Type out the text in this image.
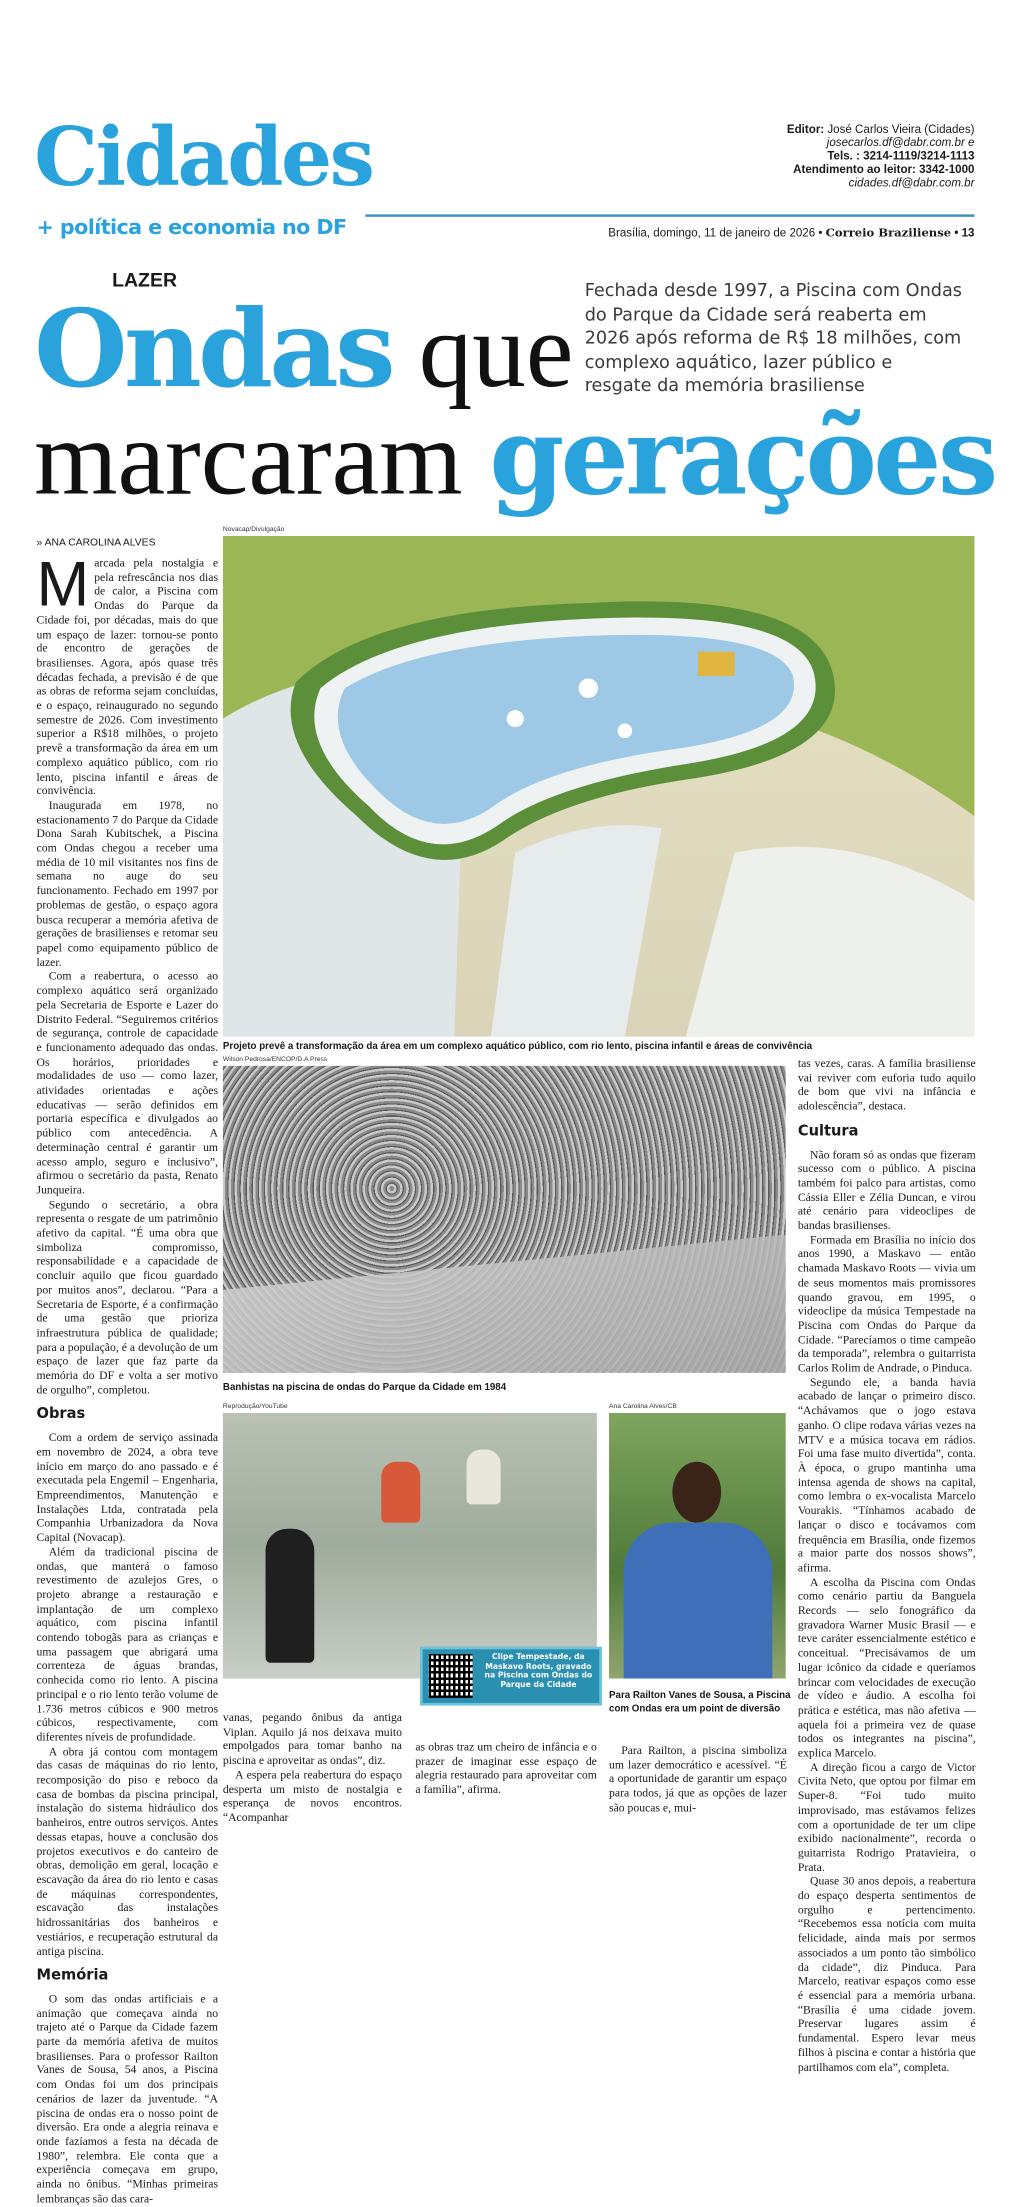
Cidades
+ política e economia no DF
Editor: José Carlos Vieira (Cidades)
josecarlos.df@dabr.com.br e
Tels. : 3214-1119/3214-1113
Atendimento ao leitor: 3342-1000
cidades.df@dabr.com.br
Brasília, domingo, 11 de janeiro de 2026 • Correio Braziliense • 13
LAZER
Ondas que
marcaram gerações
Fechada desde 1997, a Piscina com Ondas do Parque da Cidade será reaberta em 2026 após reforma de R$ 18 milhões, com complexo aquático, lazer público e resgate da memória brasiliense
» ANA CAROLINA ALVES
M arcada pela nostalgia e pela refrescância nos dias de calor, a Piscina com Ondas do Parque da Cidade foi, por décadas, mais do que um espaço de lazer: tornou-se ponto de encontro de gerações de brasilienses. Agora, após quase três décadas fechada, a previsão é de que as obras de reforma sejam concluídas, e o espaço, reinaugurado no segundo semestre de 2026. Com investimento superior a R$18 milhões, o projeto prevê a transformação da área em um complexo aquático público, com rio lento, piscina infantil e áreas de convivência.

Inaugurada em 1978, no estacionamento 7 do Parque da Cidade Dona Sarah Kubitschek, a Piscina com Ondas chegou a receber uma média de 10 mil visitantes nos fins de semana no auge do seu funcionamento. Fechado em 1997 por problemas de gestão, o espaço agora busca recuperar a memória afetiva de gerações de brasilienses e retomar seu papel como equipamento público de lazer.

Com a reabertura, o acesso ao complexo aquático será organizado pela Secretaria de Esporte e Lazer do Distrito Federal. “Seguiremos critérios de segurança, controle de capacidade e funcionamento adequado das ondas. Os horários, prioridades e modalidades de uso — como lazer, atividades orientadas e ações educativas — serão definidos em portaria específica e divulgados ao público com antecedência. A determinação central é garantir um acesso amplo, seguro e inclusivo”, afirmou o secretário da pasta, Renato Junqueira.

Segundo o secretário, a obra representa o resgate de um patrimônio afetivo da capital. “É uma obra que simboliza compromisso, responsabilidade e a capacidade de concluir aquilo que ficou guardado por muitos anos”, declarou. “Para a Secretaria de Esporte, é a confirmação de uma gestão que prioriza infraestrutura pública de qualidade; para a população, é a devolução de um espaço de lazer que faz parte da memória do DF e volta a ser motivo de orgulho”, completou.

Obras

Com a ordem de serviço assinada em novembro de 2024, a obra teve início em março do ano passado e é executada pela Engemil – Engenharia, Empreendimentos, Manutenção e Instalações Ltda, contratada pela Companhia Urbanizadora da Nova Capital (Novacap).

Além da tradicional piscina de ondas, que manterá o famoso revestimento de azulejos Gres, o projeto abrange a restauração e implantação de um complexo aquático, com piscina infantil contendo tobogãs para as crianças e uma passagem que abrigará uma correnteza de águas brandas, conhecida como rio lento. A piscina principal e o rio lento terão volume de 1.736 metros cúbicos e 900 metros cúbicos, respectivamente, com diferentes níveis de profundidade.

A obra já contou com montagem das casas de máquinas do rio lento, recomposição do piso e reboco da casa de bombas da piscina principal, instalação do sistema hidráulico dos banheiros, entre outros serviços. Antes dessas etapas, houve a conclusão dos projetos executivos e do canteiro de obras, demolição em geral, locação e escavação da área do rio lento e casas de máquinas correspondentes, escavação das instalações hidrossanitárias dos banheiros e vestiários, e recuperação estrutural da antiga piscina.

Memória

O som das ondas artificiais e a animação que começava ainda no trajeto até o Parque da Cidade fazem parte da memória afetiva de muitos brasilienses. Para o professor Railton Vanes de Sousa, 54 anos, a Piscina com Ondas foi um dos principais cenários de lazer da juventude. “A piscina de ondas era o nosso point de diversão. Era onde a alegria reinava e onde fazíamos a festa na década de 1980”, relembra. Ele conta que a experiência começava em grupo, ainda no ônibus. “Minhas primeiras lembranças são das cara-

Novacap/Divulgação
Projeto prevê a transformação da área em um complexo aquático público, com rio lento, piscina infantil e áreas de convivência
Wilson Pedrosa/ENCOP/D.A Press
Banhistas na piscina de ondas do Parque da Cidade em 1984

tas vezes, caras. A família brasiliense vai reviver com euforia tudo aquilo de bom que vivi na infância e adolescência”, destaca.

Cultura

Não foram só as ondas que fizeram sucesso com o público. A piscina também foi palco para artistas, como Cássia Eller e Zélia Duncan, e virou até cenário para videoclipes de bandas brasilienses.

Formada em Brasília no início dos anos 1990, a Maskavo — então chamada Maskavo Roots — vivia um de seus momentos mais promissores quando gravou, em 1995, o videoclipe da música Tempestade na Piscina com Ondas do Parque da Cidade. “Parecíamos o time campeão da temporada”, relembra o guitarrista Carlos Rolim de Andrade, o Pinduca.

Segundo ele, a banda havia acabado de lançar o primeiro disco. “Achávamos que o jogo estava ganho. O clipe rodava várias vezes na MTV e a música tocava em rádios. Foi uma fase muito divertida”, conta. À época, o grupo mantinha uma intensa agenda de shows na capital, como lembra o ex-vocalista Marcelo Vourakis. “Tínhamos acabado de lançar o disco e tocávamos com frequência em Brasília, onde fizemos a maior parte dos nossos shows”, afirma.

A escolha da Piscina com Ondas como cenário partiu da Banguela Records — selo fonográfico da gravadora Warner Music Brasil — e teve caráter essencialmente estético e conceitual. “Precisávamos de um lugar icônico da cidade e queríamos brincar com velocidades de execução de vídeo e áudio. A escolha foi prática e estética, mas não afetiva — aquela foi a primeira vez de quase todos os integrantes na piscina”, explica Marcelo.

A direção ficou a cargo de Victor Civita Neto, que optou por filmar em Super-8. “Foi tudo muito improvisado, mas estávamos felizes com a oportunidade de ter um clipe exibido nacionalmente”, recorda o guitarrista Rodrigo Pratavieira, o Prata.

Quase 30 anos depois, a reabertura do espaço desperta sentimentos de orgulho e pertencimento. “Recebemos essa notícia com muita felicidade, ainda mais por sermos associados a um ponto tão simbólico da cidade”, diz Pinduca. Para Marcelo, reativar espaços como esse é essencial para a memória urbana. “Brasília é uma cidade jovem. Preservar lugares assim é fundamental. Espero levar meus filhos à piscina e contar a história que partilhamos com ela”, completa.

Reprodução/YouTube
Clipe Tempestade, da Maskavo Roots, gravado na Piscina com Ondas do Parque da Cidade
Ana Carolina Alves/CB
Para Railton Vanes de Sousa, a Piscina com Ondas era um point de diversão

vanas, pegando ônibus da antiga Viplan. Aquilo já nos deixava muito empolgados para tomar banho na piscina e aproveitar as ondas”, diz.

A espera pela reabertura do espaço desperta um misto de nostalgia e esperança de novos encontros. “Acompanhar

as obras traz um cheiro de infância e o prazer de imaginar esse espaço de alegria restaurado para aproveitar com a família”, afirma.

Para Railton, a piscina simboliza um lazer democrático e acessível. “É a oportunidade de garantir um espaço para todos, já que as opções de lazer são poucas e, mui-
